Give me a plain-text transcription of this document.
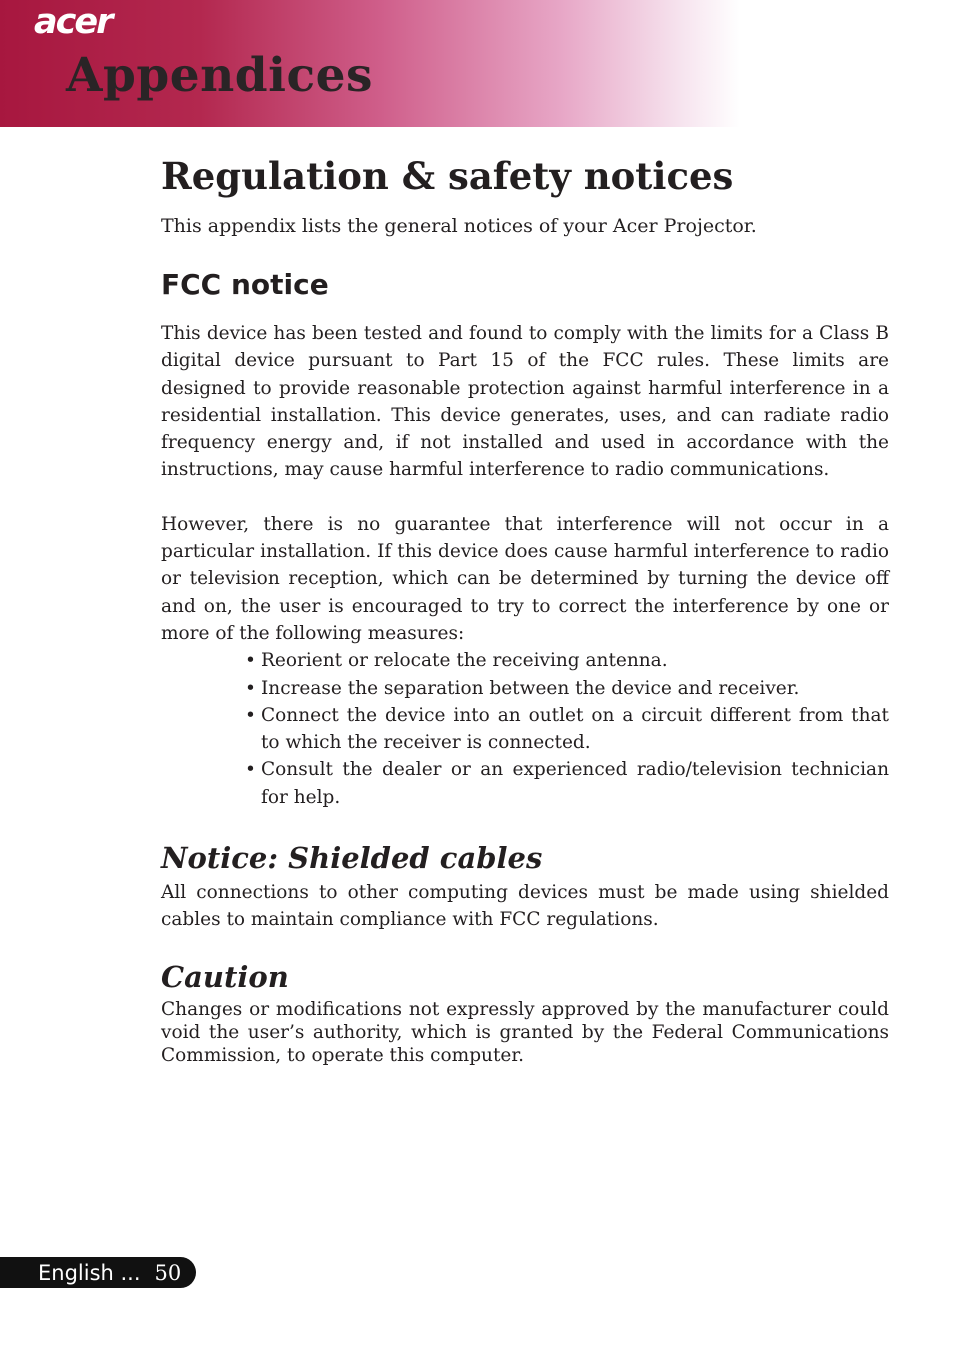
acer
Appendices
Regulation & safety notices

This appendix lists the general notices of your Acer Projector.

FCC notice

This device has been tested and found to comply with the limits for a Class B digital device pursuant to Part 15 of the FCC rules. These limits are designed to provide reasonable protection against harmful interference in a residential installation. This device generates, uses, and can radiate radio frequency energy and, if not installed and used in accordance with the instructions, may cause harmful interference to radio communications.

However, there is no guarantee that interference will not occur in a particular installation. If this device does cause harmful interference to radio or television reception, which can be determined by turning the device off and on, the user is encouraged to try to correct the interference by one or more of the following measures:

• Reorient or relocate the receiving antenna.
• Increase the separation between the device and receiver.
• Connect the device into an outlet on a circuit different from that to which the receiver is connected.
• Consult the dealer or an experienced radio/television technician for help.
Notice: Shielded cables

All connections to other computing devices must be made using shielded cables to maintain compliance with FCC regulations.

Caution

Changes or modifications not expressly approved by the manufacturer could void the user’s authority, which is granted by the Federal Communications Commission, to operate this computer.

English ... 50
